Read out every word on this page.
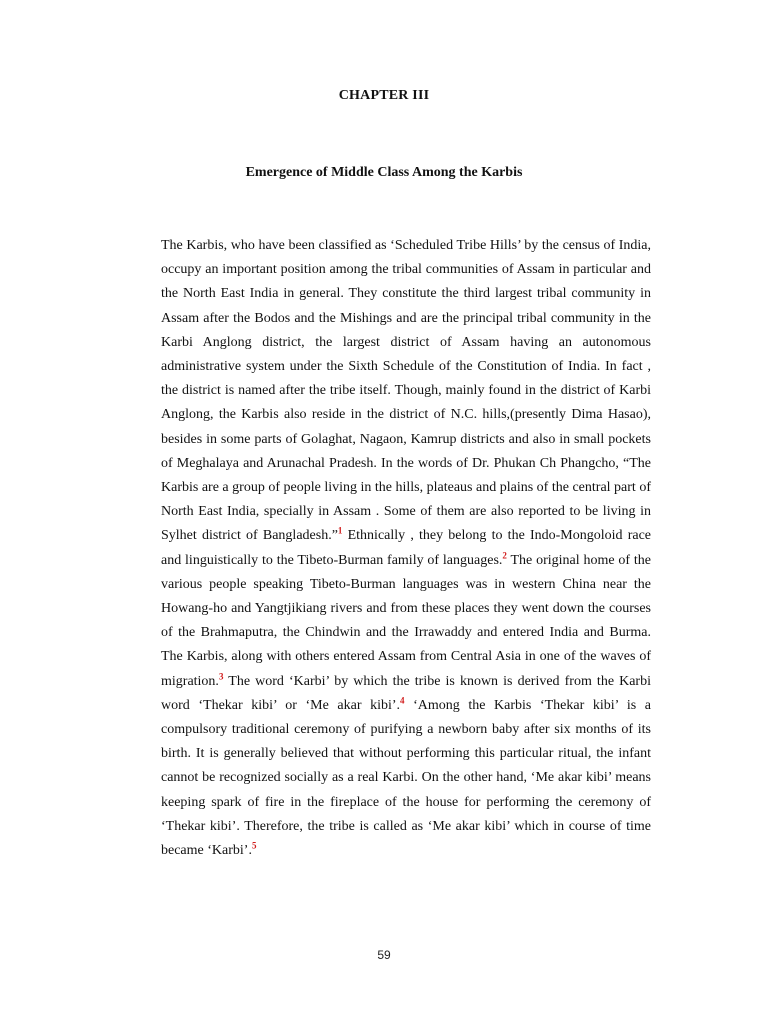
CHAPTER III
Emergence of Middle Class Among the Karbis

The Karbis, who have been classified as ‘Scheduled Tribe Hills’ by the census of India, occupy an important position among the tribal communities of Assam in particular and the North East India in general. They constitute the third largest tribal community in Assam after the Bodos and the Mishings and are the principal tribal community in the Karbi Anglong district, the largest district of Assam having an autonomous administrative system under the Sixth Schedule of the Constitution of India. In fact , the district is named after the tribe itself. Though, mainly found in the district of Karbi Anglong, the Karbis also reside in the district of N.C. hills,(presently Dima Hasao), besides in some parts of Golaghat, Nagaon, Kamrup districts and also in small pockets of Meghalaya and Arunachal Pradesh. In the words of Dr. Phukan Ch Phangcho, “The Karbis are a group of people living in the hills, plateaus and plains of the central part of North East India, specially in Assam . Some of them are also reported to be living in Sylhet district of Bangladesh.”$^1$ Ethnically , they belong to the Indo-Mongoloid race and linguistically to the Tibeto-Burman family of languages.$^2$ The original home of the various people speaking Tibeto-Burman languages was in western China near the Howang-ho and Yangtjikiang rivers and from these places they went down the courses of the Brahmaputra, the Chindwin and the Irrawaddy and entered India and Burma. The Karbis, along with others entered Assam from Central Asia in one of the waves of migration.$^3$ The word ‘Karbi’ by which the tribe is known is derived from the Karbi word ‘Thekar kibi’ or ‘Me akar kibi’.$^4$ ‘Among the Karbis ‘Thekar kibi’ is a compulsory traditional ceremony of purifying a newborn baby after six months of its birth. It is generally believed that without performing this particular ritual, the infant cannot be recognized socially as a real Karbi. On the other hand, ‘Me akar kibi’ means keeping spark of fire in the fireplace of the house for performing the ceremony of ‘Thekar kibi’. Therefore, the tribe is called as ‘Me akar kibi’ which in course of time became ‘Karbi’.$^5$

59
